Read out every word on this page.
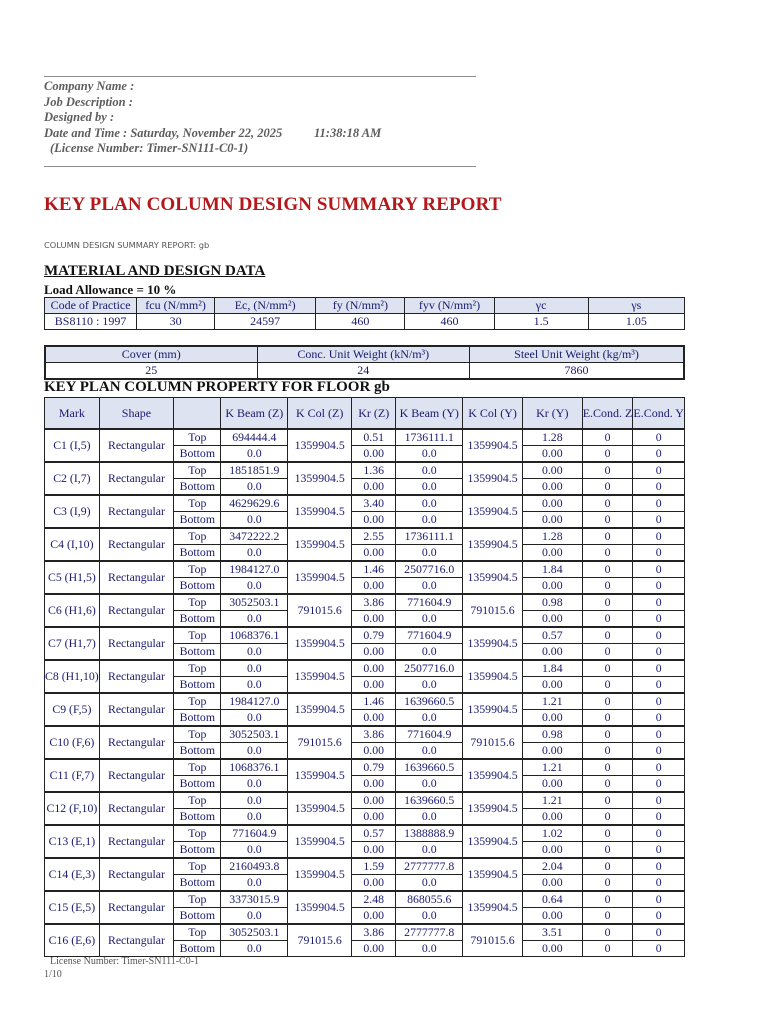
Company Name :
Job Description :
Designed by :
Date and Time : Saturday, November 22, 2025	11:38:18 AM
(License Number: Timer-SN111-C0-1)
KEY PLAN COLUMN DESIGN SUMMARY REPORT
COLUMN DESIGN SUMMARY REPORT: gb
MATERIAL AND DESIGN DATA
Load Allowance = 10 %
Code of Practice	fcu (N/mm²)	Ec, (N/mm²)	fy (N/mm²)	fyv (N/mm²)	γc	γs
BS8110 : 1997	30	24597	460	460	1.5	1.05
Cover (mm)	Conc. Unit Weight (kN/m³)	Steel Unit Weight (kg/m³)
25	24	7860
KEY PLAN COLUMN PROPERTY FOR FLOOR gb
Mark	Shape		K Beam (Z)	K Col (Z)	Kr (Z)	K Beam (Y)	K Col (Y)	Kr (Y)	E.Cond. Z	E.Cond. Y
C1 (I,5)	Rectangular	Top	694444.4	1359904.5	0.51	1736111.1	1359904.5	1.28	0	0
		Bottom	0.0		0.00	0.0		0.00	0	0
C2 (I,7)	Rectangular	Top	1851851.9	1359904.5	1.36	0.0	1359904.5	0.00	0	0
		Bottom	0.0		0.00	0.0		0.00	0	0
C3 (I,9)	Rectangular	Top	4629629.6	1359904.5	3.40	0.0	1359904.5	0.00	0	0
		Bottom	0.0		0.00	0.0		0.00	0	0
C4 (I,10)	Rectangular	Top	3472222.2	1359904.5	2.55	1736111.1	1359904.5	1.28	0	0
		Bottom	0.0		0.00	0.0		0.00	0	0
C5 (H1,5)	Rectangular	Top	1984127.0	1359904.5	1.46	2507716.0	1359904.5	1.84	0	0
		Bottom	0.0		0.00	0.0		0.00	0	0
C6 (H1,6)	Rectangular	Top	3052503.1	791015.6	3.86	771604.9	791015.6	0.98	0	0
		Bottom	0.0		0.00	0.0		0.00	0	0
C7 (H1,7)	Rectangular	Top	1068376.1	1359904.5	0.79	771604.9	1359904.5	0.57	0	0
		Bottom	0.0		0.00	0.0		0.00	0	0
C8 (H1,10)	Rectangular	Top	0.0	1359904.5	0.00	2507716.0	1359904.5	1.84	0	0
		Bottom	0.0		0.00	0.0		0.00	0	0
C9 (F,5)	Rectangular	Top	1984127.0	1359904.5	1.46	1639660.5	1359904.5	1.21	0	0
		Bottom	0.0		0.00	0.0		0.00	0	0
C10 (F,6)	Rectangular	Top	3052503.1	791015.6	3.86	771604.9	791015.6	0.98	0	0
		Bottom	0.0		0.00	0.0		0.00	0	0
C11 (F,7)	Rectangular	Top	1068376.1	1359904.5	0.79	1639660.5	1359904.5	1.21	0	0
		Bottom	0.0		0.00	0.0		0.00	0	0
C12 (F,10)	Rectangular	Top	0.0	1359904.5	0.00	1639660.5	1359904.5	1.21	0	0
		Bottom	0.0		0.00	0.0		0.00	0	0
C13 (E,1)	Rectangular	Top	771604.9	1359904.5	0.57	1388888.9	1359904.5	1.02	0	0
		Bottom	0.0		0.00	0.0		0.00	0	0
C14 (E,3)	Rectangular	Top	2160493.8	1359904.5	1.59	2777777.8	1359904.5	2.04	0	0
		Bottom	0.0		0.00	0.0		0.00	0	0
C15 (E,5)	Rectangular	Top	3373015.9	1359904.5	2.48	868055.6	1359904.5	0.64	0	0
		Bottom	0.0		0.00	0.0		0.00	0	0
C16 (E,6)	Rectangular	Top	3052503.1	791015.6	3.86	2777777.8	791015.6	3.51	0	0
		Bottom	0.0		0.00	0.0		0.00	0	0
License Number: Timer-SN111-C0-1
1/10
